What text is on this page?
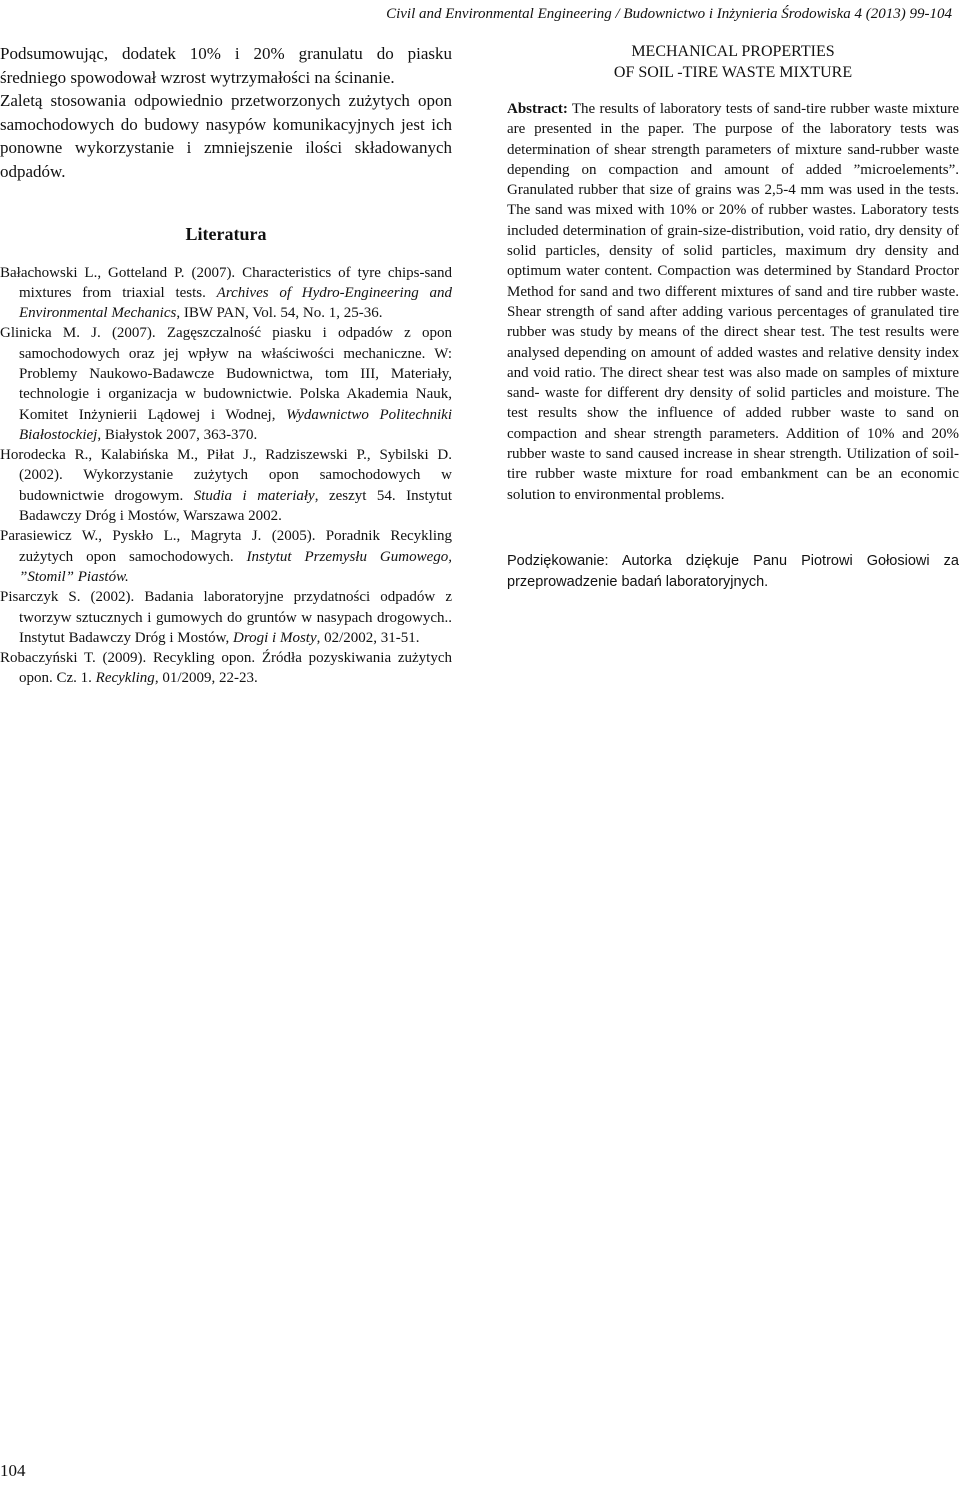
Civil and Environmental Engineering / Budownictwo i Inżynieria Środowiska 4 (2013) 99-104

Podsumowując, dodatek 10% i 20% granulatu do piasku średniego spowodował wzrost wytrzymałości na ścinanie.

Zaletą stosowania odpowiednio przetworzonych zużytych opon samochodowych do budowy nasypów komunikacyjnych jest ich ponowne wykorzystanie i zmniejszenie ilości składowanych odpadów.

Literatura
Bałachowski L., Gotteland P. (2007). Characteristics of tyre chips-sand mixtures from triaxial tests. Archives of Hydro-Engineering and Environmental Mechanics, IBW PAN, Vol. 54, No. 1, 25-36.
Glinicka M. J. (2007). Zagęszczalność piasku i odpadów z opon samochodowych oraz jej wpływ na właściwości mechaniczne. W: Problemy Naukowo-Badawcze Budownictwa, tom III, Materiały, technologie i organizacja w budownictwie. Polska Akademia Nauk, Komitet Inżynierii Lądowej i Wodnej, Wydawnictwo Politechniki Białostockiej, Białystok 2007, 363-370.
Horodecka R., Kalabińska M., Piłat J., Radziszewski P., Sybilski D. (2002). Wykorzystanie zużytych opon samochodowych w budownictwie drogowym. Studia i materiały, zeszyt 54. Instytut Badawczy Dróg i Mostów, Warszawa 2002.
Parasiewicz W., Pyskło L., Magryta J. (2005). Poradnik Recykling zużytych opon samochodowych. Instytut Przemysłu Gumowego, ”Stomil” Piastów.
Pisarczyk S. (2002). Badania laboratoryjne przydatności odpadów z tworzyw sztucznych i gumowych do gruntów w nasypach drogowych.. Instytut Badawczy Dróg i Mostów, Drogi i Mosty, 02/2002, 31-51.
Robaczyński T. (2009). Recykling opon. Źródła pozyskiwania zużytych opon. Cz. 1. Recykling, 01/2009, 22-23.
MECHANICAL PROPERTIES
OF SOIL -TIRE WASTE MIXTURE

Abstract: The results of laboratory tests of sand-tire rubber waste mixture are presented in the paper. The purpose of the laboratory tests was determination of shear strength parameters of mixture sand-rubber waste depending on compaction and amount of added ”microelements”. Granulated rubber that size of grains was 2,5-4 mm was used in the tests. The sand was mixed with 10% or 20% of rubber wastes. Laboratory tests included determination of grain-size-distribution, void ratio, dry density of solid particles, density of solid particles, maximum dry density and optimum water content. Compaction was determined by Standard Proctor Method for sand and two different mixtures of sand and tire rubber waste. Shear strength of sand after adding various percentages of granulated tire rubber was study by means of the direct shear test. The test results were analysed depending on amount of added wastes and relative density index and void ratio. The direct shear test was also made on samples of mixture sand- waste for different dry density of solid particles and moisture. The test results show the influence of added rubber waste to sand on compaction and shear strength parameters. Addition of 10% and 20% rubber waste to sand caused increase in shear strength. Utilization of soil-tire rubber waste mixture for road embankment can be an economic solution to environmental problems.

Podziękowanie: Autorka dziękuje Panu Piotrowi Gołosiowi za przeprowadzenie badań laboratoryjnych.

104
